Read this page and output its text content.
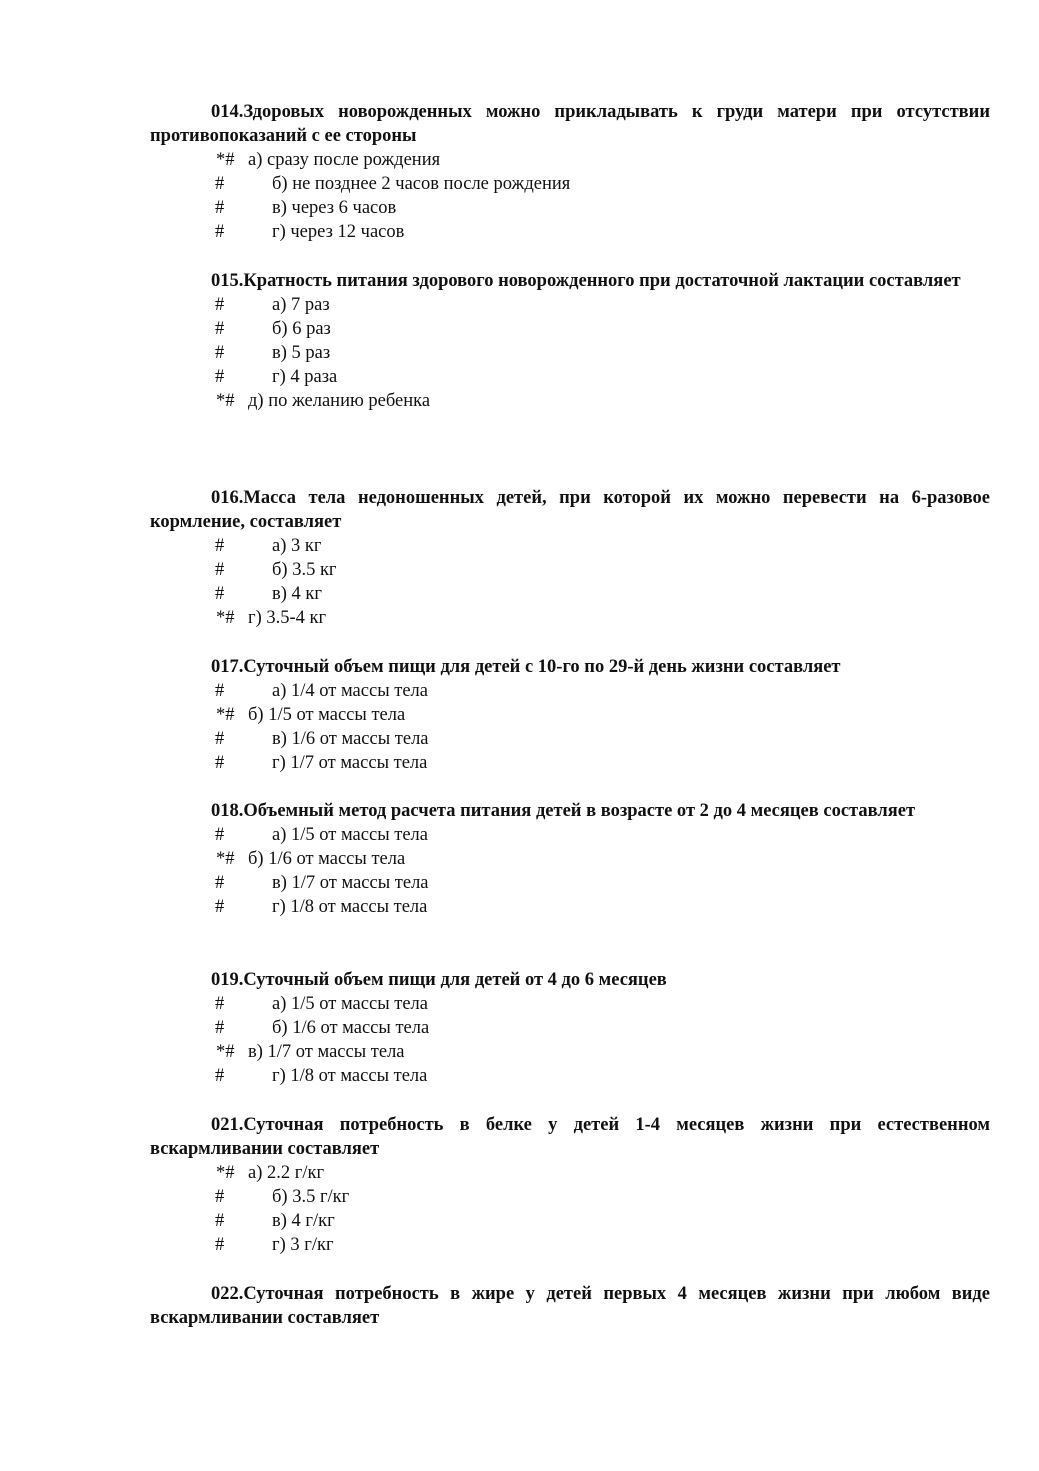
014.Здоровых новорожденных можно прикладывать к груди матери при отсутствии противопоказаний с ее стороны

*# а) сразу после рождения
#	б) не позднее 2 часов после рождения
#	в) через 6 часов
#	г) через 12 часов

015.Кратность питания здорового новорожденного при достаточной лактации составляет

#	а) 7 раз
#	б) 6 раз
#	в) 5 раз
#	г) 4 раза
*# д) по желанию ребенка

016.Масса тела недоношенных детей, при которой их можно перевести на 6-разовое кормление, составляет

#	а) 3 кг
#	б) 3.5 кг
#	в) 4 кг
*# г) 3.5-4 кг

017.Суточный объем пищи для детей с 10-го по 29-й день жизни составляет

#	а) 1/4 от массы тела
*# б) 1/5 от массы тела
#	в) 1/6 от массы тела
#	г) 1/7 от массы тела

018.Объемный метод расчета питания детей в возрасте от 2 до 4 месяцев составляет

#	а) 1/5 от массы тела
*# б) 1/6 от массы тела
#	в) 1/7 от массы тела
#	г) 1/8 от массы тела

019.Суточный объем пищи для детей от 4 до 6 месяцев

#	а) 1/5 от массы тела
#	б) 1/6 от массы тела
*# в) 1/7 от массы тела
#	г) 1/8 от массы тела

021.Суточная потребность в белке у детей 1-4 месяцев жизни при естественном вскармливании составляет

*# а) 2.2 г/кг
#	б) 3.5 г/кг
#	в) 4 г/кг
#	г) 3 г/кг

022.Суточная потребность в жире у детей первых 4 месяцев жизни при любом виде вскармливании составляет
